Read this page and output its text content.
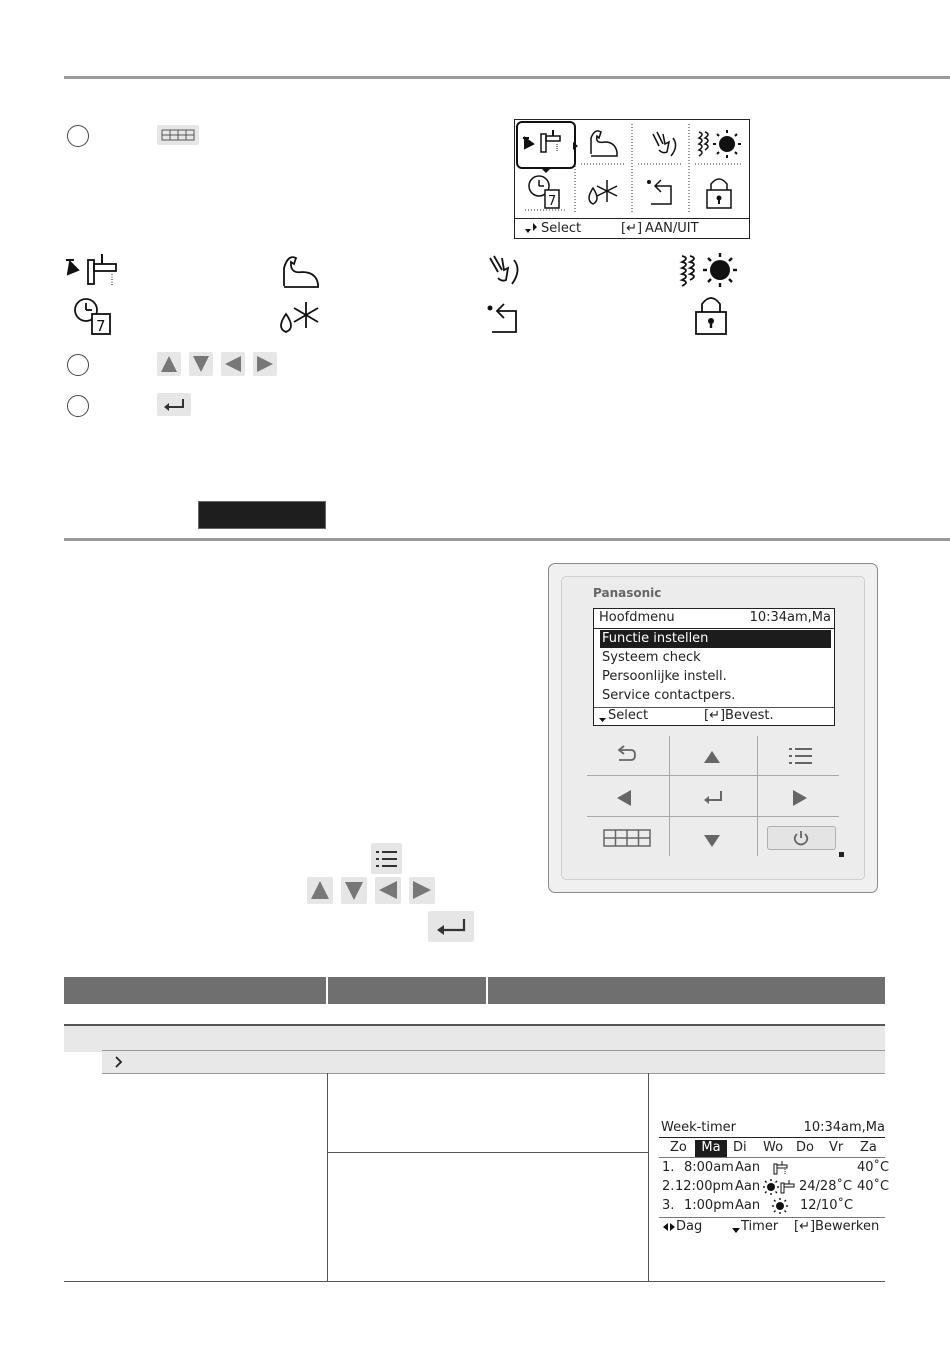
7
Select	[↵] AAN/UIT
7
Panasonic
Hoofdmenu	10:34am,Ma
Functie instellen
Systeem check
Persoonlijke instell.
Service contactpers.
Select	[↵]Bevest.
Week-timer	10:34am,Ma
Zo	Ma Di Wo Do Vr Za
1. 8:00am Aan	40˚C
2. 12:00pm Aan	24/28˚C 40˚C
3. 1:00pm Aan	12/10˚C
Dag	Timer [↵]Bewerken
